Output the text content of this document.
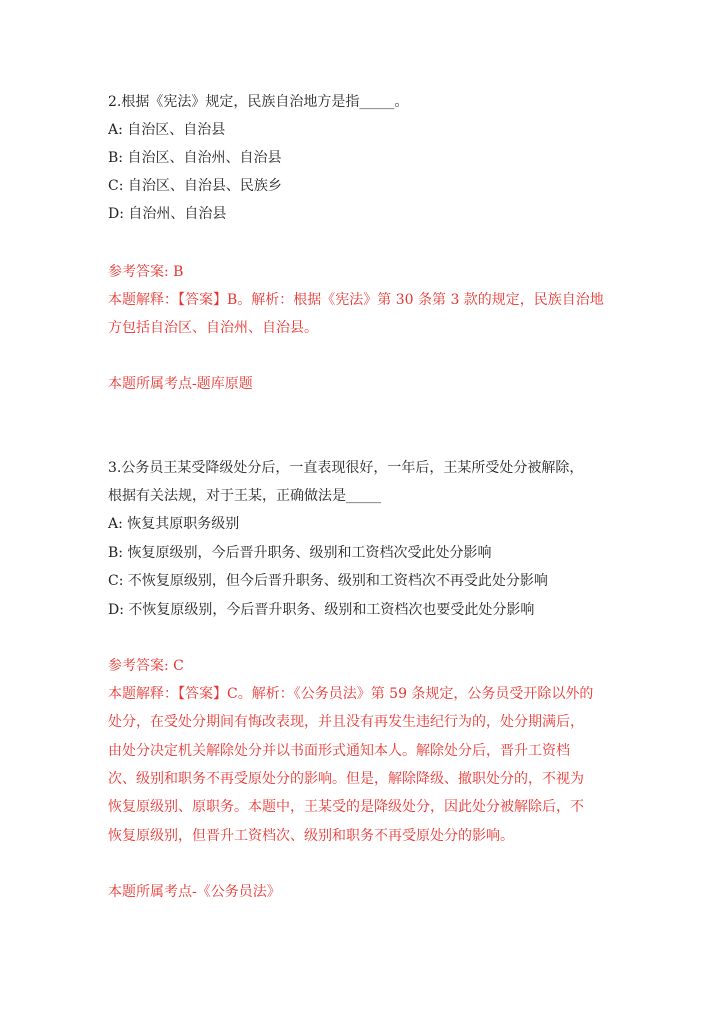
2.根据《宪法》规定，民族自治地方是指_____。
A: 自治区、自治县
B: 自治区、自治州、自治县
C: 自治区、自治县、民族乡
D: 自治州、自治县
参考答案: B
本题解释：【答案】B。解析：根据《宪法》第 30 条第 3 款的规定，民族自治地
方包括自治区、自治州、自治县。
本题所属考点-题库原题
3.公务员王某受降级处分后，一直表现很好，一年后，王某所受处分被解除，
根据有关法规，对于王某，正确做法是_____
A: 恢复其原职务级别
B: 恢复原级别，今后晋升职务、级别和工资档次受此处分影响
C: 不恢复原级别，但今后晋升职务、级别和工资档次不再受此处分影响
D: 不恢复原级别，今后晋升职务、级别和工资档次也要受此处分影响
参考答案: C
本题解释：【答案】C。解析：《公务员法》第 59 条规定，公务员受开除以外的
处分，在受处分期间有悔改表现，并且没有再发生违纪行为的，处分期满后，
由处分决定机关解除处分并以书面形式通知本人。解除处分后，晋升工资档
次、级别和职务不再受原处分的影响。但是，解除降级、撤职处分的，不视为
恢复原级别、原职务。本题中，王某受的是降级处分，因此处分被解除后，不
恢复原级别，但晋升工资档次、级别和职务不再受原处分的影响。
本题所属考点-《公务员法》
